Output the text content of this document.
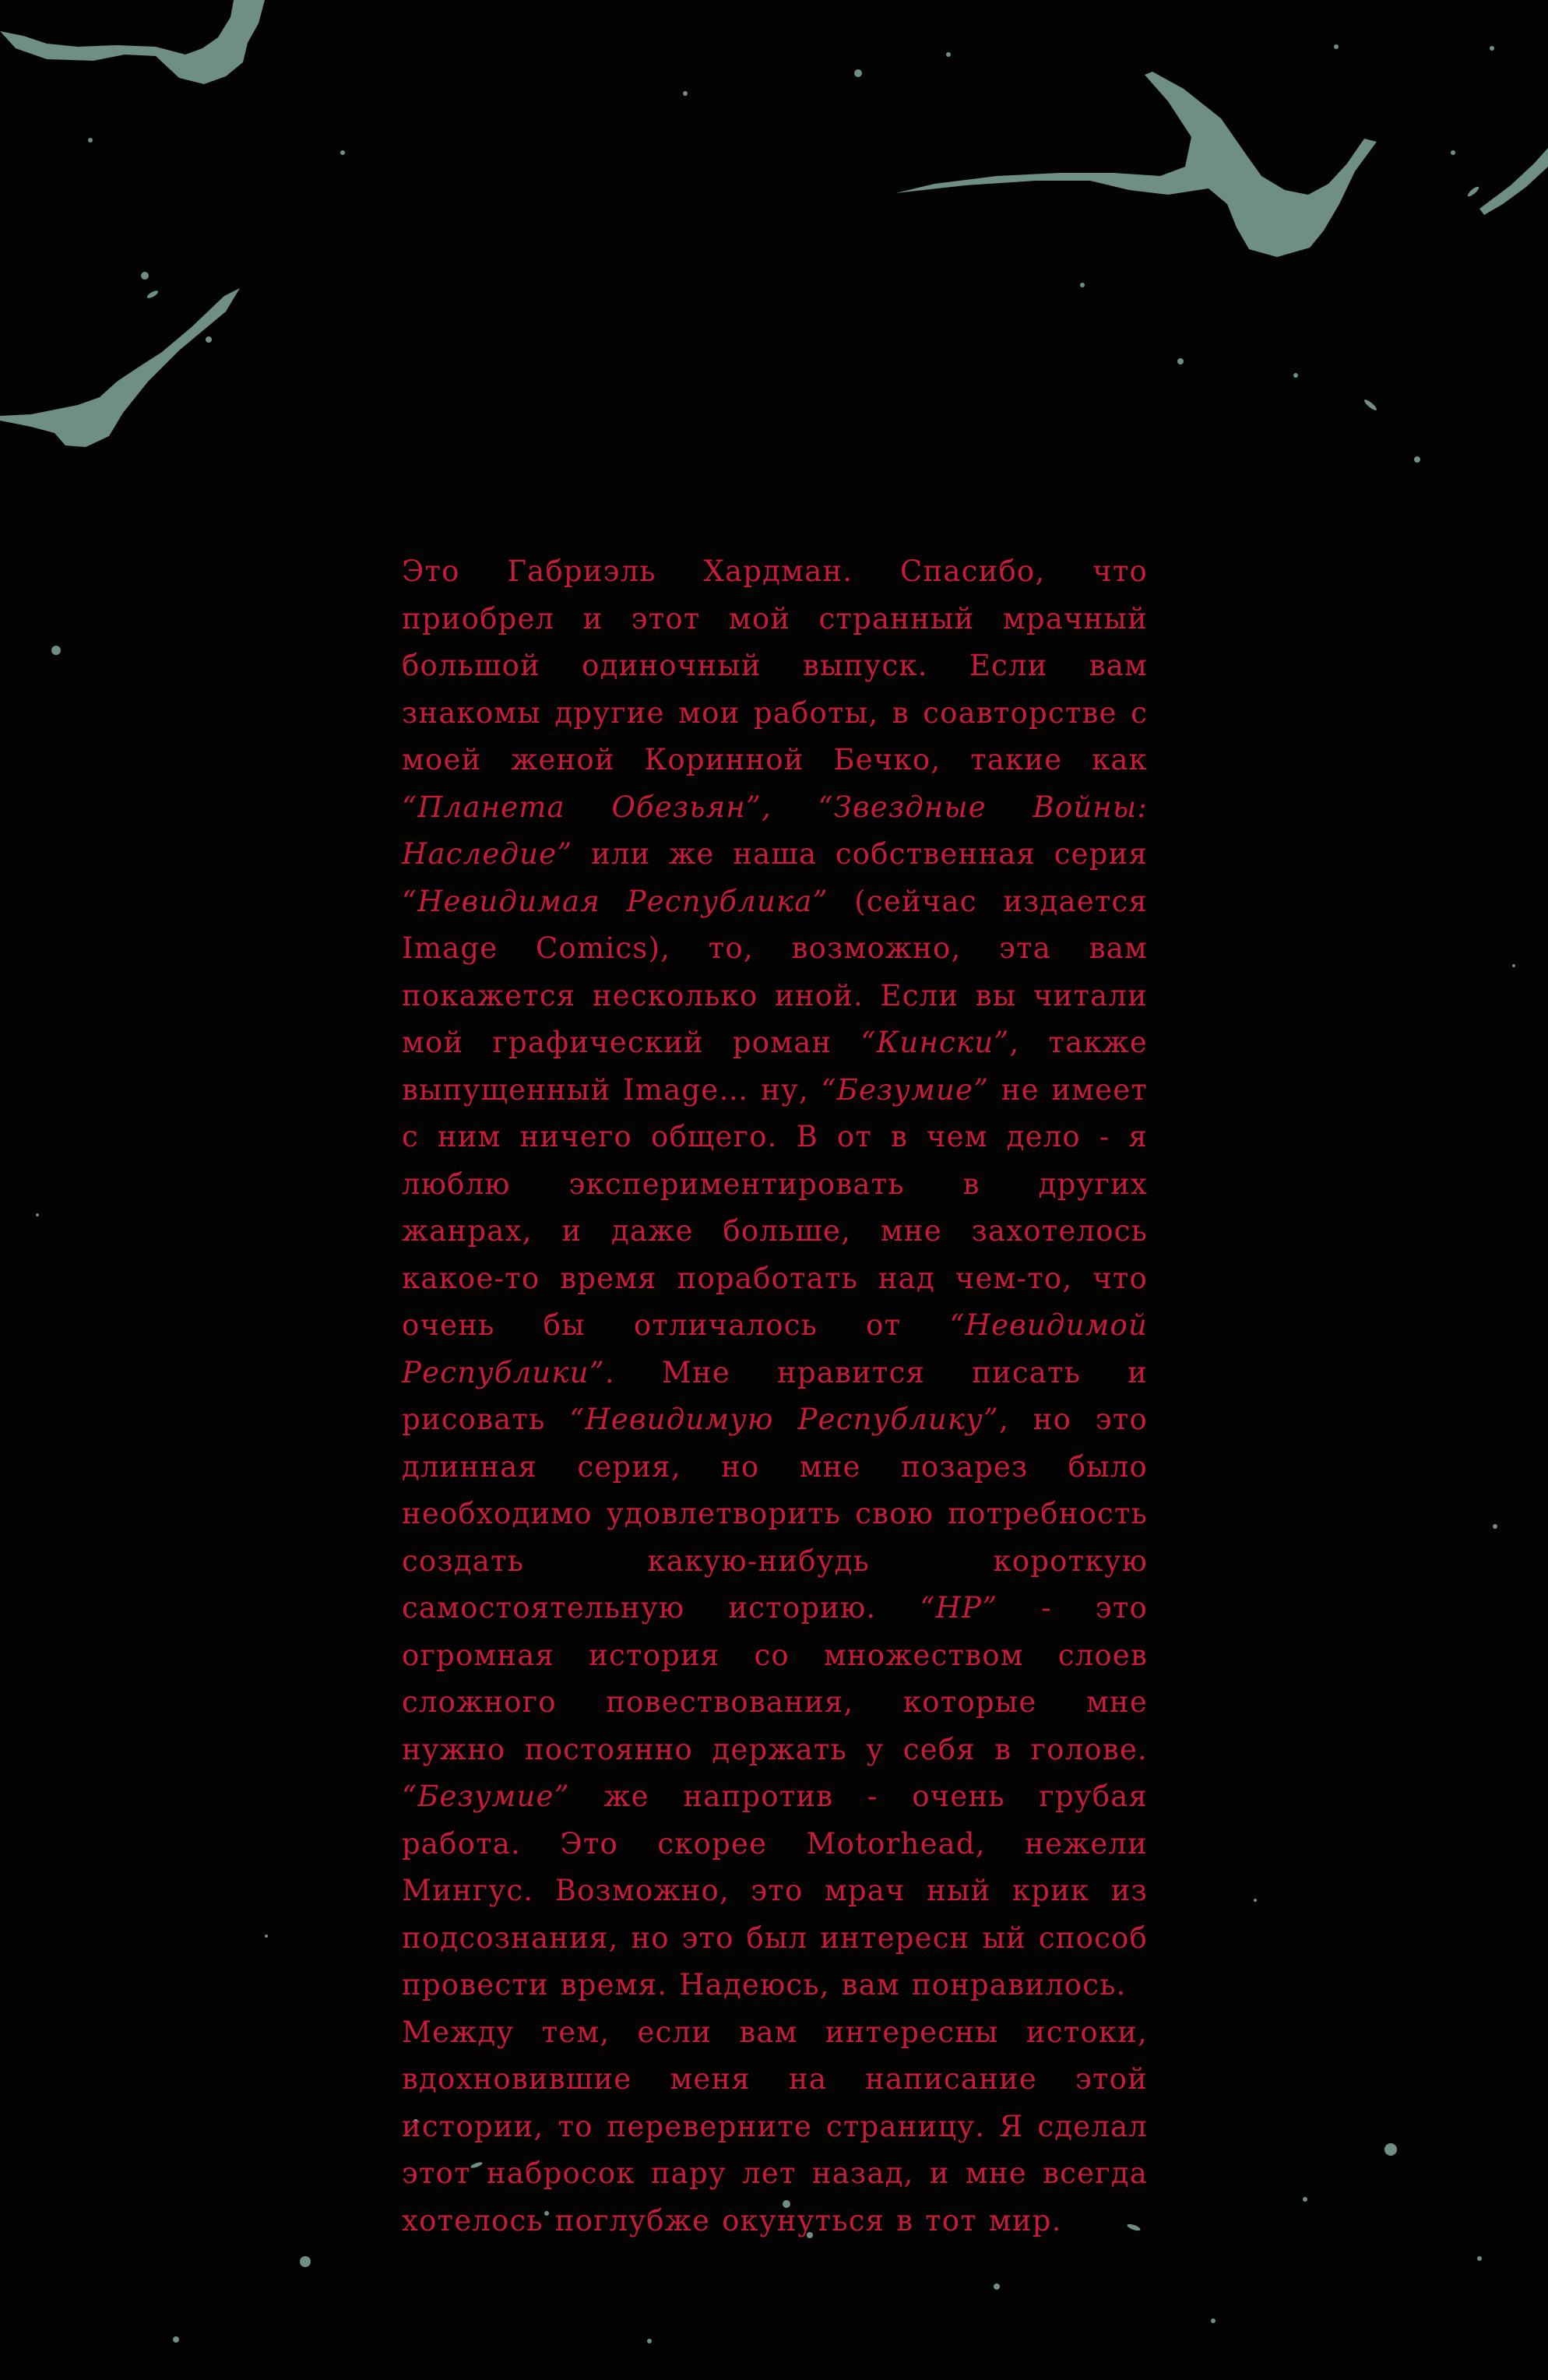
Это Габриэль Хардман. Спасибо, что приобрел и этот мой странный мрачный большой одиночный выпуск. Если вам знакомы другие мои работы, в соавторстве с моей женой Коринной Бечко, такие как “Планета Обезьян”, “Звездные Войны: Наследие” или же наша собственная серия “Невидимая Республика” (сейчас издается Image Comics), то, возможно, эта вам покажется несколько иной. Если вы читали мой графический роман “Кински”, также выпущенный Image… ну, “Безумие” не имеет с ним ничего общего. В от в чем дело - я люблю экспериментировать в других жанрах, и даже больше, мне захотелось какое-то время поработать над чем-то, что очень бы отличалось от “Невидимой Республики”. Мне нравится писать и рисовать “Невидимую Республику”, но это длинная серия, но мне позарез было необходимо удовлетворить свою потребность создать какую-нибудь короткую самостоятельную историю. “НР” - это огромная история со множеством слоев сложного повествования, которые мне нужно постоянно держать у себя в голове. “Безумие” же напротив - очень грубая работа. Это скорее Motorhead, нежели Мингус. Возможно, это мрач ный крик из подсознания, но это был интересн ый способ провести время. Надеюсь, вам понравилось.

Между тем, если вам интересны истоки, вдохновившие меня на написание этой истории, то переверните страницу. Я сделал этот набросок пару лет назад, и мне всегда хотелось поглубже окунуться в тот мир.
